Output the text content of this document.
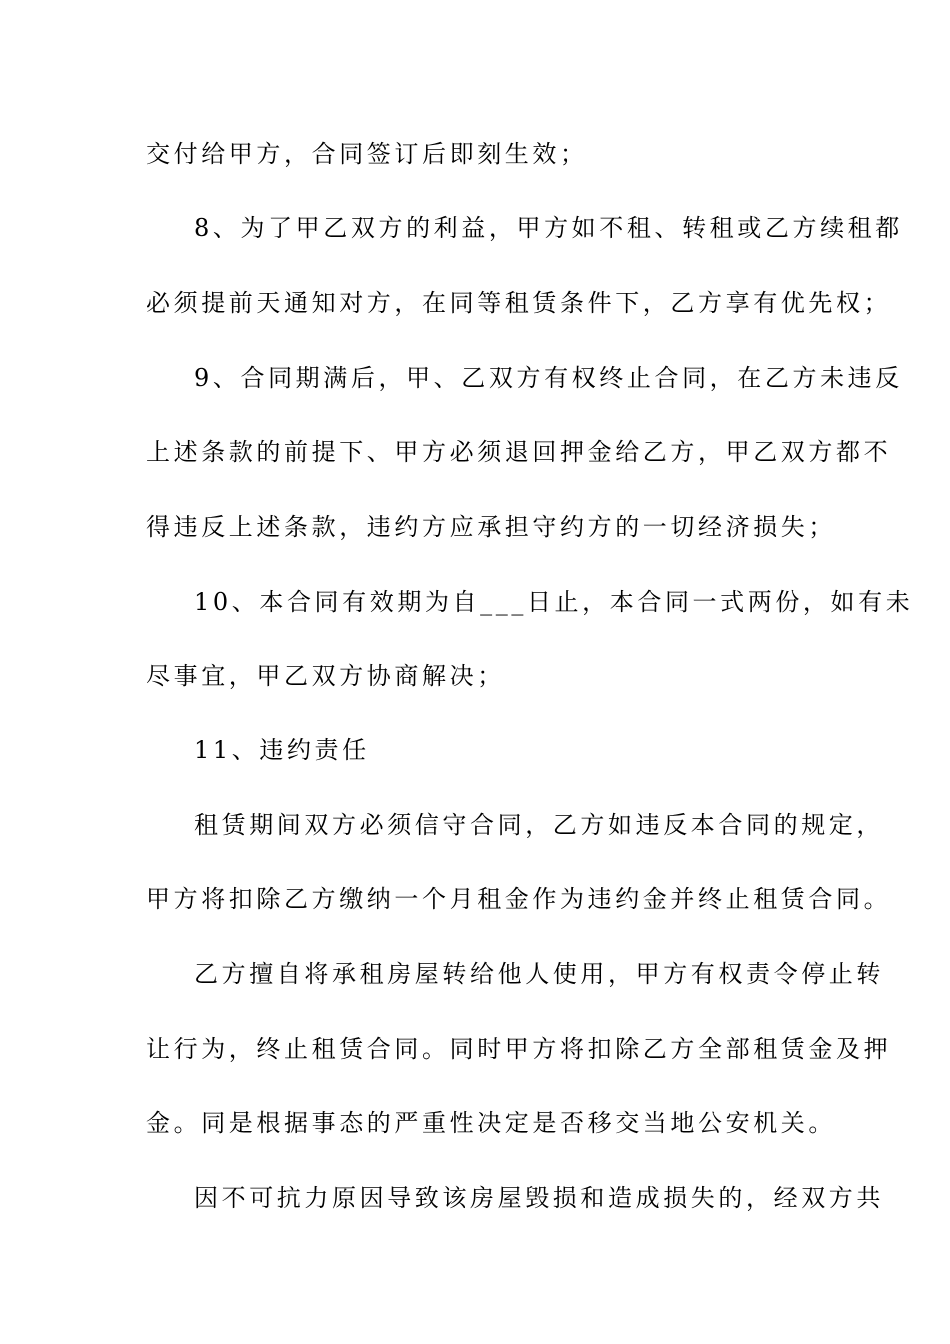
交付给甲方，合同签订后即刻生效；
8、为了甲乙双方的利益，甲方如不租、转租或乙方续租都
必须提前天通知对方，在同等租赁条件下，乙方享有优先权；
9、合同期满后，甲、乙双方有权终止合同，在乙方未违反
上述条款的前提下、甲方必须退回押金给乙方，甲乙双方都不
得违反上述条款，违约方应承担守约方的一切经济损失；
10、本合同有效期为自___日止，本合同一式两份，如有未
尽事宜，甲乙双方协商解决；
11、违约责任
租赁期间双方必须信守合同，乙方如违反本合同的规定，
甲方将扣除乙方缴纳一个月租金作为违约金并终止租赁合同。
乙方擅自将承租房屋转给他人使用，甲方有权责令停止转
让行为，终止租赁合同。同时甲方将扣除乙方全部租赁金及押
金。同是根据事态的严重性决定是否移交当地公安机关。
因不可抗力原因导致该房屋毁损和造成损失的，经双方共
